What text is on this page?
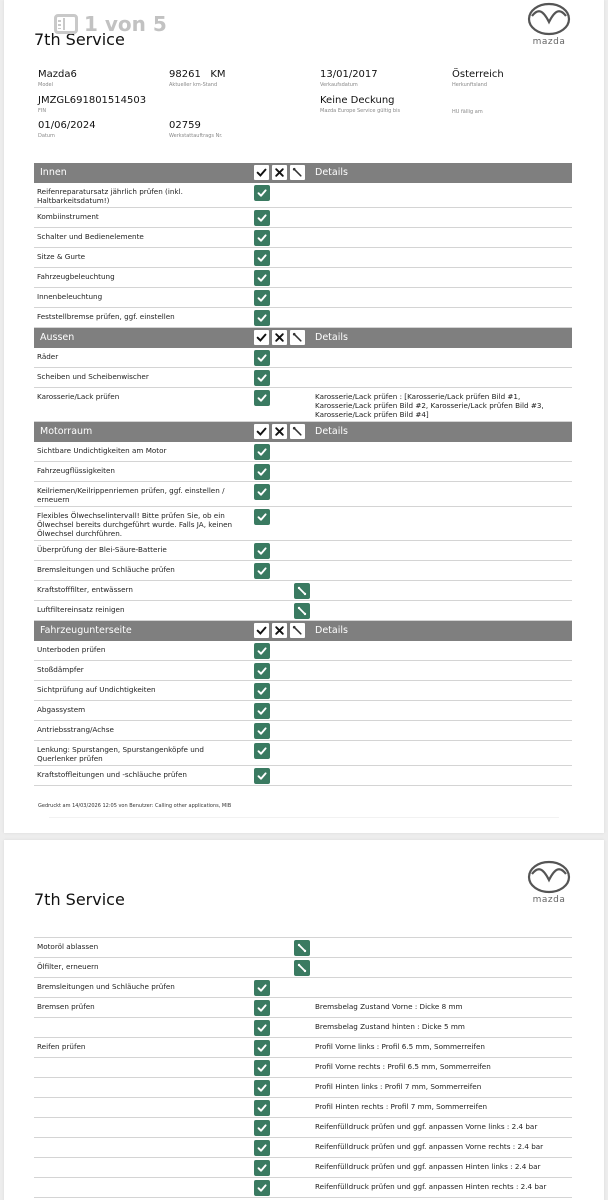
1 von 5
7th Service	mazda
Mazda6
Model
98261   KM
Aktueller km-Stand
13/01/2017
Verkaufsdatum
Österreich
Herkunftsland
JMZGL691801514503
FIN
Keine Deckung
Mazda Europe Service gültig bis	HU fällig am
01/06/2024
Datum
02759
Werkstattauftrags Nr.
Innen	Details
Reifenreparatursatz jährlich prüfen (inkl. Haltbarkeitsdatum!)
Kombiinstrument
Schalter und Bedienelemente
Sitze & Gurte
Fahrzeugbeleuchtung
Innenbeleuchtung
Feststellbremse prüfen, ggf. einstellen
Aussen	Details
Räder
Scheiben und Scheibenwischer
Karosserie/Lack prüfen	Karosserie/Lack prüfen : [Karosserie/Lack prüfen Bild #1, Karosserie/Lack prüfen Bild #2, Karosserie/Lack prüfen Bild #3, Karosserie/Lack prüfen Bild #4]
Motorraum	Details
Sichtbare Undichtigkeiten am Motor
Fahrzeugflüssigkeiten
Keilriemen/Keilrippenriemen prüfen, ggf. einstellen / erneuern
Flexibles Ölwechselintervall! Bitte prüfen Sie, ob ein Ölwechsel bereits durchgeführt wurde. Falls JA, keinen Ölwechsel durchführen.
Überprüfung der Blei-Säure-Batterie
Bremsleitungen und Schläuche prüfen
Kraftstofffilter, entwässern
Luftfiltereinsatz reinigen
Fahrzeugunterseite	Details
Unterboden prüfen
Stoßdämpfer
Sichtprüfung auf Undichtigkeiten
Abgassystem
Antriebsstrang/Achse
Lenkung: Spurstangen, Spurstangenköpfe und Querlenker prüfen
Kraftstoffleitungen und -schläuche prüfen
Gedruckt am 14/03/2026 12:05 von Benutzer: Calling other applications, MIB
7th Service	mazda
Motoröl ablassen
Ölfilter, erneuern
Bremsleitungen und Schläuche prüfen
Bremsen prüfen	Bremsbelag Zustand Vorne : Dicke 8 mm
Bremsbelag Zustand hinten : Dicke 5 mm
Reifen prüfen	Profil Vorne links : Profil 6.5 mm, Sommerreifen
Profil Vorne rechts : Profil 6.5 mm, Sommerreifen
Profil Hinten links : Profil 7 mm, Sommerreifen
Profil Hinten rechts : Profil 7 mm, Sommerreifen
Reifenfülldruck prüfen und ggf. anpassen Vorne links : 2.4 bar
Reifenfülldruck prüfen und ggf. anpassen Vorne rechts : 2.4 bar
Reifenfülldruck prüfen und ggf. anpassen Hinten links : 2.4 bar
Reifenfülldruck prüfen und ggf. anpassen Hinten rechts : 2.4 bar
